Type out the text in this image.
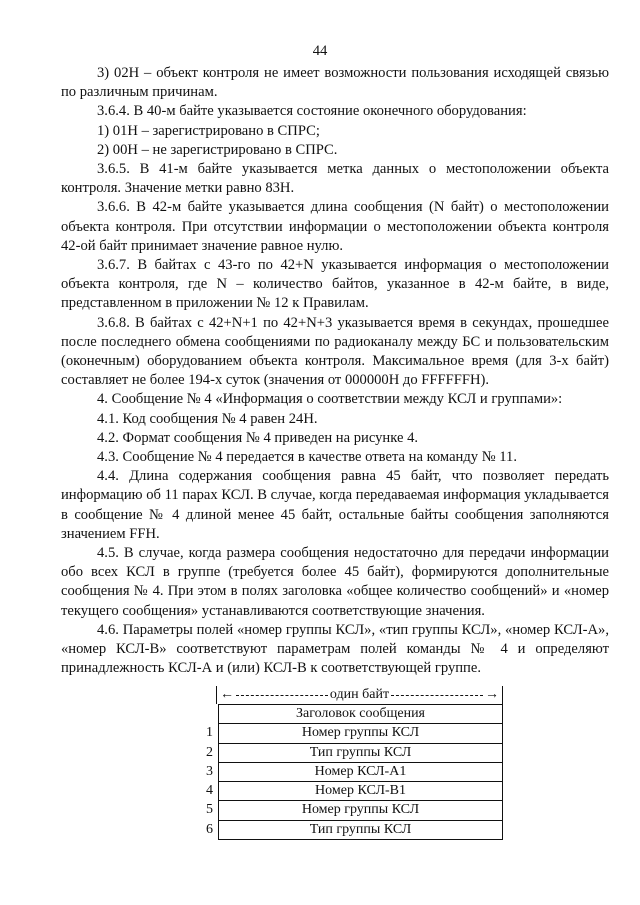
44

3) 02H – объект контроля не имеет возможности пользования исходящей связью по различным причинам.

3.6.4. В 40-м байте указывается состояние оконечного оборудования:

1) 01H – зарегистрировано в СПРС;

2) 00H – не зарегистрировано в СПРС.

3.6.5. В 41-м байте указывается метка данных о местоположении объекта контроля. Значение метки равно 83H.

3.6.6. В 42-м байте указывается длина сообщения (N байт) о местоположении объекта контроля. При отсутствии информации о местоположении объекта контроля 42-ой байт принимает значение равное нулю.

3.6.7. В байтах с 43-го по 42+N указывается информация о местоположении объекта контроля, где N – количество байтов, указанное в 42-м байте, в виде, представленном в приложении № 12 к Правилам.

3.6.8. В байтах с 42+N+1 по 42+N+3 указывается время в секундах, прошедшее после последнего обмена сообщениями по радиоканалу между БС и пользовательским (оконечным) оборудованием объекта контроля. Максимальное время (для 3-х байт) составляет не более 194-х суток (значения от 000000H до FFFFFFH).

4. Сообщение № 4 «Информация о соответствии между КСЛ и группами»:

4.1. Код сообщения № 4 равен 24H.

4.2. Формат сообщения № 4 приведен на рисунке 4.

4.3. Сообщение № 4 передается в качестве ответа на команду № 11.

4.4. Длина содержания сообщения равна 45 байт, что позволяет передать информацию об 11 парах КСЛ. В случае, когда передаваемая информация укладывается в сообщение № 4 длиной менее 45 байт, остальные байты сообщения заполняются значением FFH.

4.5. В случае, когда размера сообщения недостаточно для передачи информации обо всех КСЛ в группе (требуется более 45 байт), формируются дополнительные сообщения № 4. При этом в полях заголовка «общее количество сообщений» и «номер текущего сообщения» устанавливаются соответствующие значения.

4.6. Параметры полей «номер группы КСЛ», «тип группы КСЛ», «номер КСЛ-А», «номер КСЛ-В» соответствуют параметрам полей команды № 4 и определяют принадлежность КСЛ-А и (или) КСЛ-В к соответствующей группе.

←	один байт	→
	Заголовок сообщения
1	Номер группы КСЛ
2	Тип группы КСЛ
3	Номер КСЛ-А1
4	Номер КСЛ-В1
5	Номер группы КСЛ
6	Тип группы КСЛ
